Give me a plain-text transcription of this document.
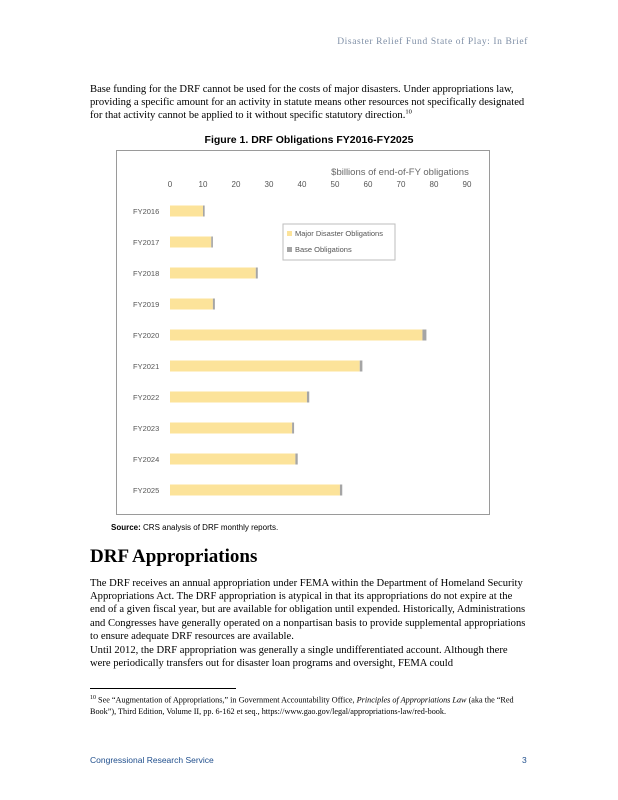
Disaster Relief Fund State of Play: In Brief

Base funding for the DRF cannot be used for the costs of major disasters. Under appropriations law, providing a specific amount for an activity in statute means other resources not specifically designated for that activity cannot be applied to it without specific statutory direction.$^{10}$

Figure 1. DRF Obligations FY2016-FY2025
$billions of end-of-FY obligations
0	10	20	30	40	50	60	70	80	90
FY2016
FY2017
FY2018
FY2019
FY2020
FY2021
FY2022
FY2023
FY2024
FY2025
Major Disaster Obligations
Base Obligations
Source: CRS analysis of DRF monthly reports.
DRF Appropriations

The DRF receives an annual appropriation under FEMA within the Department of Homeland Security Appropriations Act. The DRF appropriation is atypical in that its appropriations do not expire at the end of a given fiscal year, but are available for obligation until expended. Historically, Administrations and Congresses have generally operated on a nonpartisan basis to provide supplemental appropriations to ensure adequate DRF resources are available.

Until 2012, the DRF appropriation was generally a single undifferentiated account. Although there were periodically transfers out for disaster loan programs and oversight, FEMA could

$^{10}$ See “Augmentation of Appropriations,” in Government Accountability Office, Principles of Appropriations Law (aka the “Red Book”), Third Edition, Volume II, pp. 6-162 et seq., https://www.gao.gov/legal/appropriations-law/red-book.

Congressional Research Service	3
